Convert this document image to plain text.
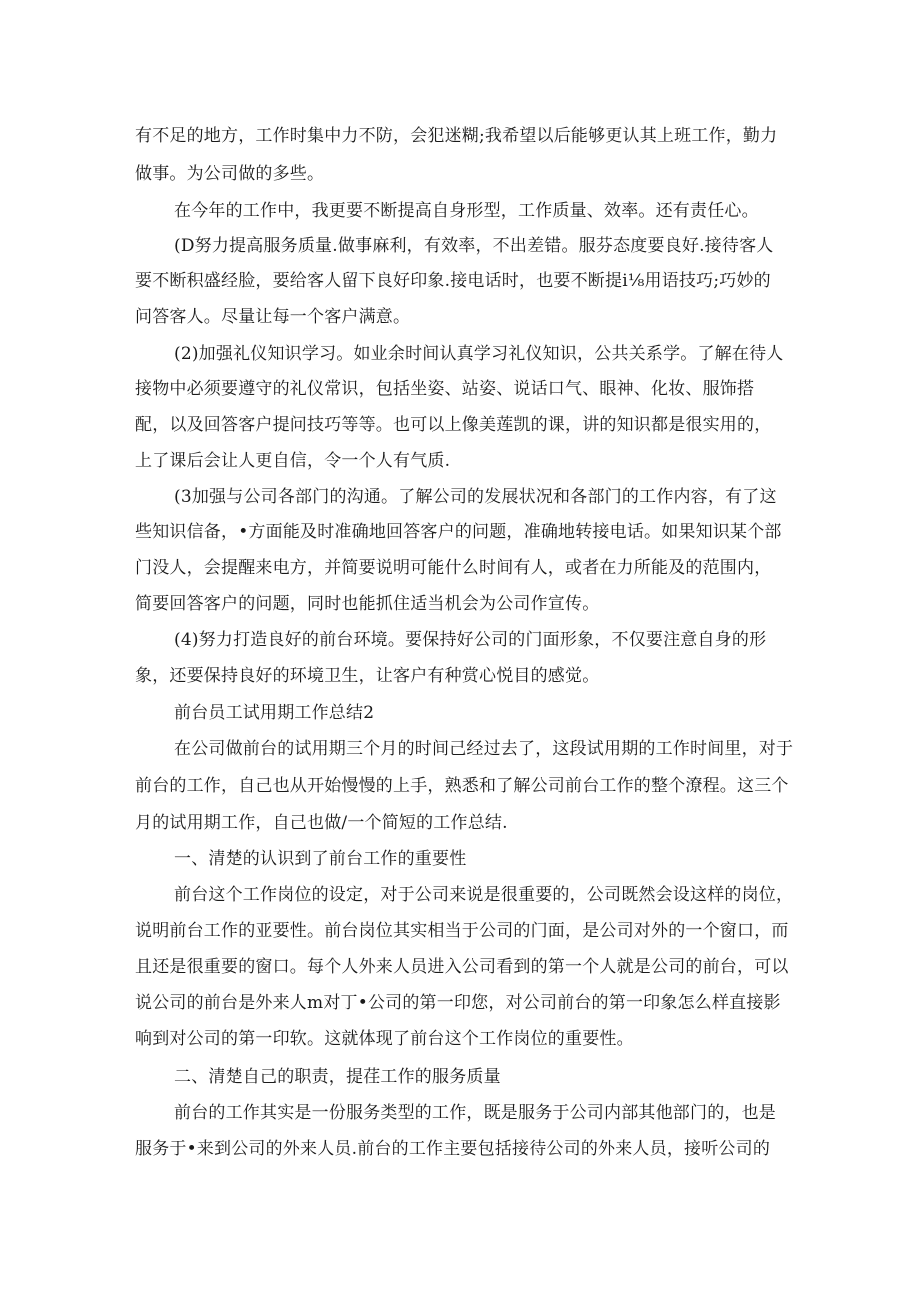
有不足的地方，工作时集中力不防，会犯迷糊;我希望以后能够更认其上班工作，勤力
做事。为公司做的多些。
在今年的工作中，我更要不断提高自身形型，工作质量、效率。还有责任心。
(D努力提高服务质量.做事麻利，有效率，不出差错。服芬态度要良好.接待客人
要不断积盛经脸，要给客人留下良好印象.接电话时，也要不断提i⅛用语技巧;巧妙的
问答客人。尽量让每一个客户满意。
(2)加强礼仪知识学习。如业余时间认真学习礼仪知识，公共关系学。了解在待人
接物中必须要遵守的礼仪常识，包括坐姿、站姿、说话口气、眼神、化妆、服饰搭
配，以及回答客户提问技巧等等。也可以上像美莲凯的课，讲的知识都是很实用的，
上了课后会让人更自信，令一个人有气质.
(3加强与公司各部门的沟通。了解公司的发展状况和各部门的工作内容，有了这
些知识信备，•方面能及时准确地回答客户的问题，准确地转接电话。如果知识某个部
门没人，会提醒来电方，并简要说明可能什么时间有人，或者在力所能及的范围内，
简要回答客户的问题，同时也能抓住适当机会为公司作宣传。
(4)努力打造良好的前台环境。要保持好公司的门面形象，不仅要注意自身的形
象，还要保持良好的环境卫生，让客户有种赏心悦目的感觉。
前台员工试用期工作总结2
在公司做前台的试用期三个月的时间己经过去了，这段试用期的工作时间里，对于
前台的工作，自己也从开始慢慢的上手，熟悉和了解公司前台工作的整个潦程。这三个
月的试用期工作，自己也做/一个简短的工作总结.
一、清楚的认识到了前台工作的重要性
前台这个工作岗位的设定，对于公司来说是很重要的，公司既然会设这样的岗位，
说明前台工作的亚要性。前台岗位其实相当于公司的门面，是公司对外的一个窗口，而
且还是很重要的窗口。每个人外来人员进入公司看到的第一个人就是公司的前台，可以
说公司的前台是外来人m对丁•公司的第一印您，对公司前台的第一印象怎么样直接影
响到对公司的第一印软。这就体现了前台这个工作岗位的重要性。
二、清楚自己的职责，提荏工作的服务质量
前台的工作其实是一份服务类型的工作，既是服务于公司内部其他部门的，也是
服务于•来到公司的外来人员.前台的工作主要包括接待公司的外来人员，接听公司的
